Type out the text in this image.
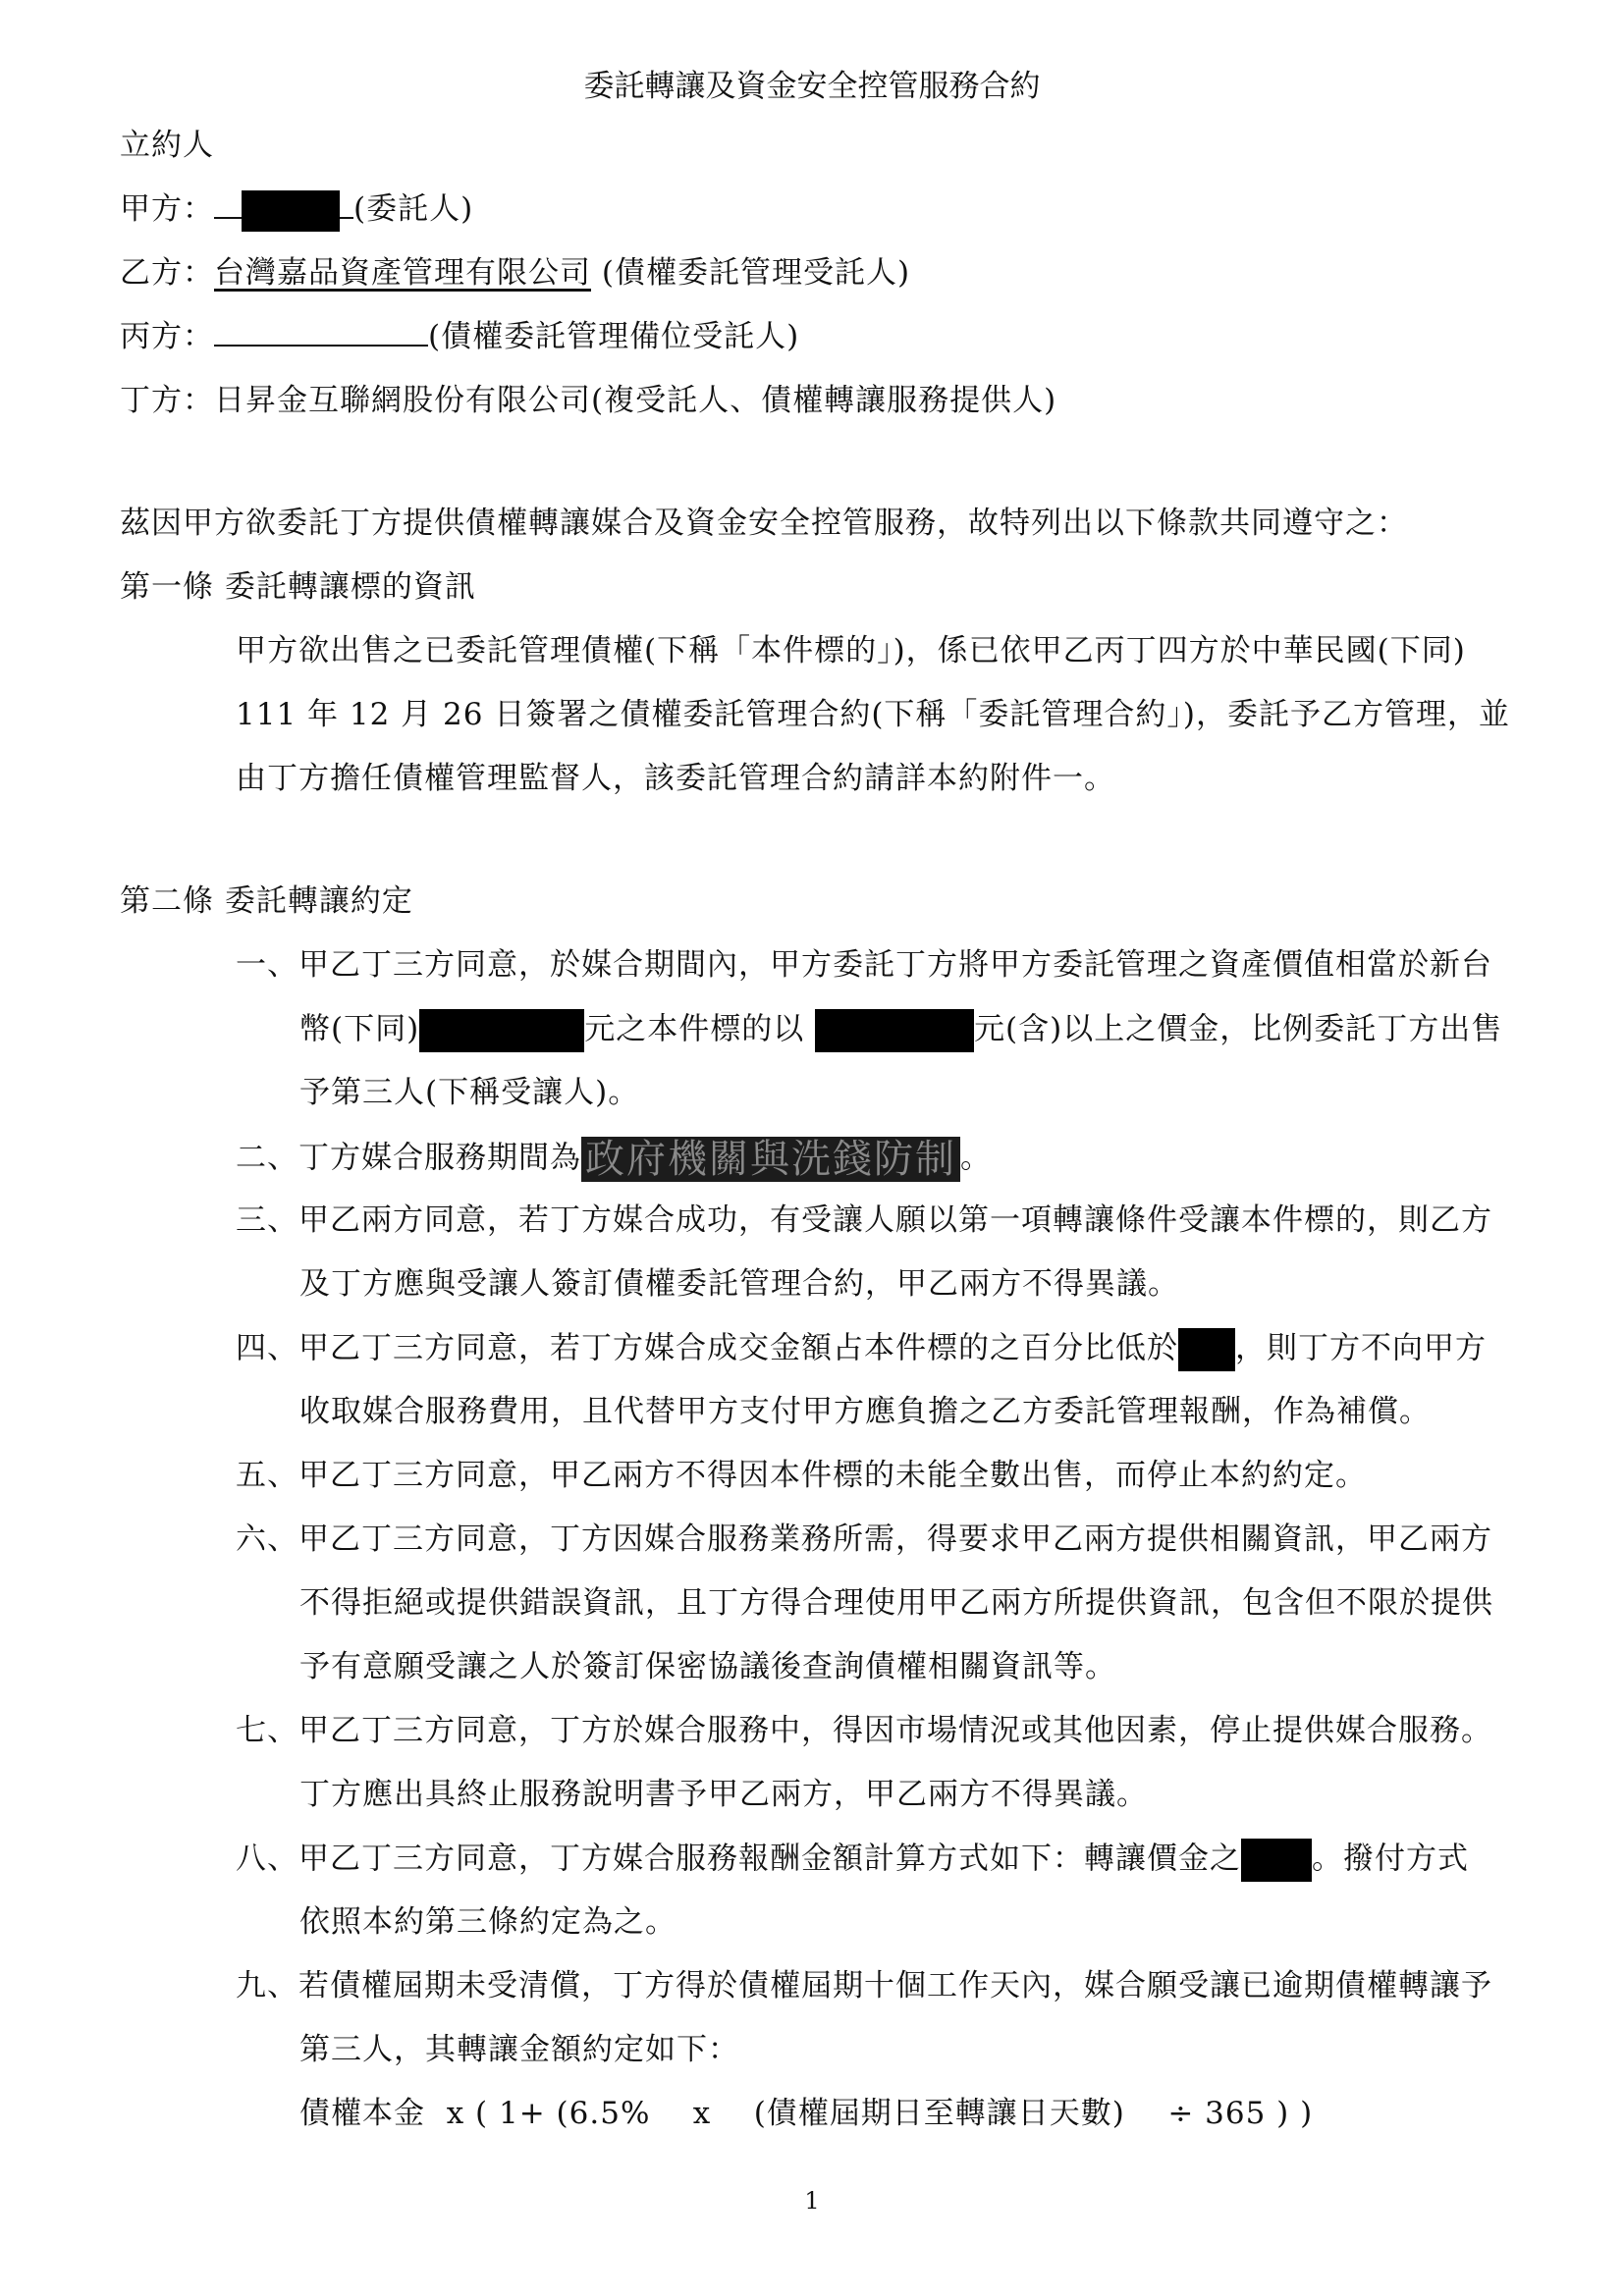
委託轉讓及資金安全控管服務合約
立約人
甲方：	(委託人)
乙方：台灣嘉品資產管理有限公司 (債權委託管理受託人)
丙方：	(債權委託管理備位受託人)
丁方：日昇金互聯網股份有限公司(複受託人、債權轉讓服務提供人)
茲因甲方欲委託丁方提供債權轉讓媒合及資金安全控管服務，故特列出以下條款共同遵守之：
第一條 委託轉讓標的資訊
甲方欲出售之已委託管理債權(下稱「本件標的」)，係已依甲乙丙丁四方於中華民國(下同)
111 年 12 月 26 日簽署之債權委託管理合約(下稱「委託管理合約」)，委託予乙方管理，並
由丁方擔任債權管理監督人，該委託管理合約請詳本約附件一。
第二條 委託轉讓約定
一、甲乙丁三方同意，於媒合期間內，甲方委託丁方將甲方委託管理之資產價值相當於新台
幣(下同)	元之本件標的以	元(含)以上之價金，比例委託丁方出售
予第三人(下稱受讓人)。
二、丁方媒合服務期間為 政府機關與洗錢防制 。
三、甲乙兩方同意，若丁方媒合成功，有受讓人願以第一項轉讓條件受讓本件標的，則乙方
及丁方應與受讓人簽訂債權委託管理合約，甲乙兩方不得異議。
四、甲乙丁三方同意，若丁方媒合成交金額占本件標的之百分比低於 ，則丁方不向甲方
收取媒合服務費用，且代替甲方支付甲方應負擔之乙方委託管理報酬，作為補償。
五、甲乙丁三方同意，甲乙兩方不得因本件標的未能全數出售，而停止本約約定。
六、甲乙丁三方同意，丁方因媒合服務業務所需，得要求甲乙兩方提供相關資訊，甲乙兩方
不得拒絕或提供錯誤資訊，且丁方得合理使用甲乙兩方所提供資訊，包含但不限於提供
予有意願受讓之人於簽訂保密協議後查詢債權相關資訊等。
七、甲乙丁三方同意，丁方於媒合服務中，得因市場情況或其他因素，停止提供媒合服務。
丁方應出具終止服務說明書予甲乙兩方，甲乙兩方不得異議。
八、甲乙丁三方同意，丁方媒合服務報酬金額計算方式如下：轉讓價金之 。撥付方式
依照本約第三條約定為之。
九、若債權屆期未受清償，丁方得於債權屆期十個工作天內，媒合願受讓已逾期債權轉讓予
第三人，其轉讓金額約定如下：
債權本金  x ( 1+ (6.5%    x    (債權屆期日至轉讓日天數)    ÷ 365 ) )
1
